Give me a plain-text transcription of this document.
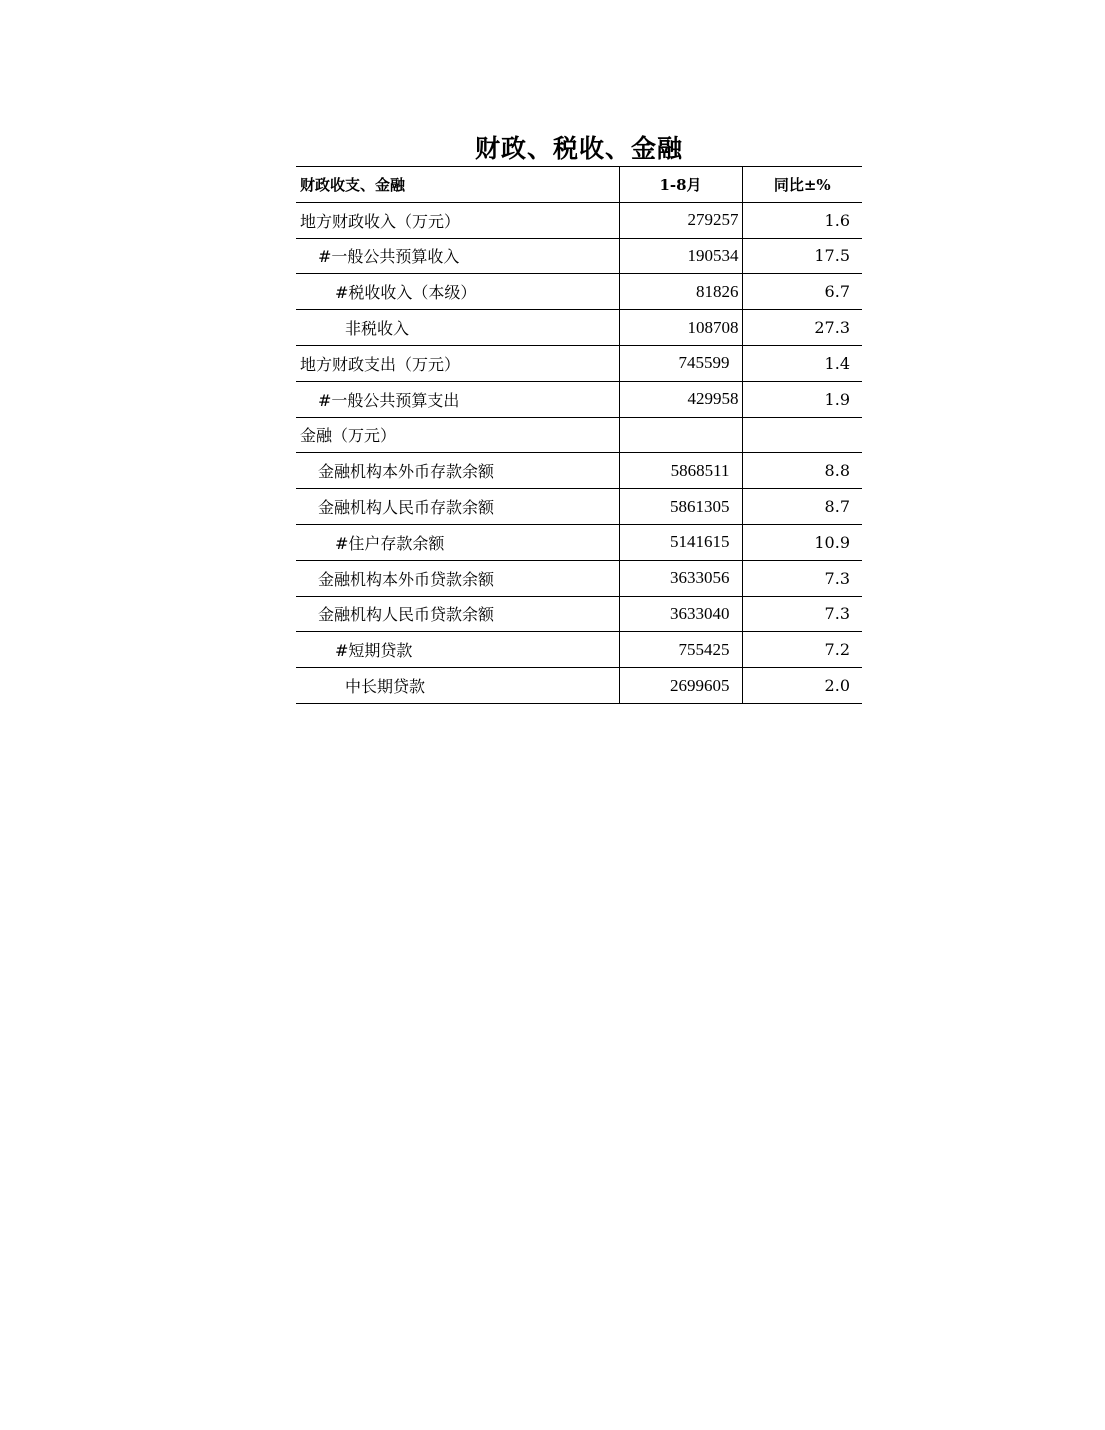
财政、税收、金融
财政收支、金融	1-8月	同比±%
地方财政收入（万元）	279257	1.6
#一般公共预算收入	190534	17.5
#税收收入（本级）	81826	6.7
非税收入	108708	27.3
地方财政支出（万元）	745599	1.4
#一般公共预算支出	429958	1.9
金融（万元）		
金融机构本外币存款余额	5868511	8.8
金融机构人民币存款余额	5861305	8.7
#住户存款余额	5141615	10.9
金融机构本外币贷款余额	3633056	7.3
金融机构人民币贷款余额	3633040	7.3
#短期贷款	755425	7.2
中长期贷款	2699605	2.0
